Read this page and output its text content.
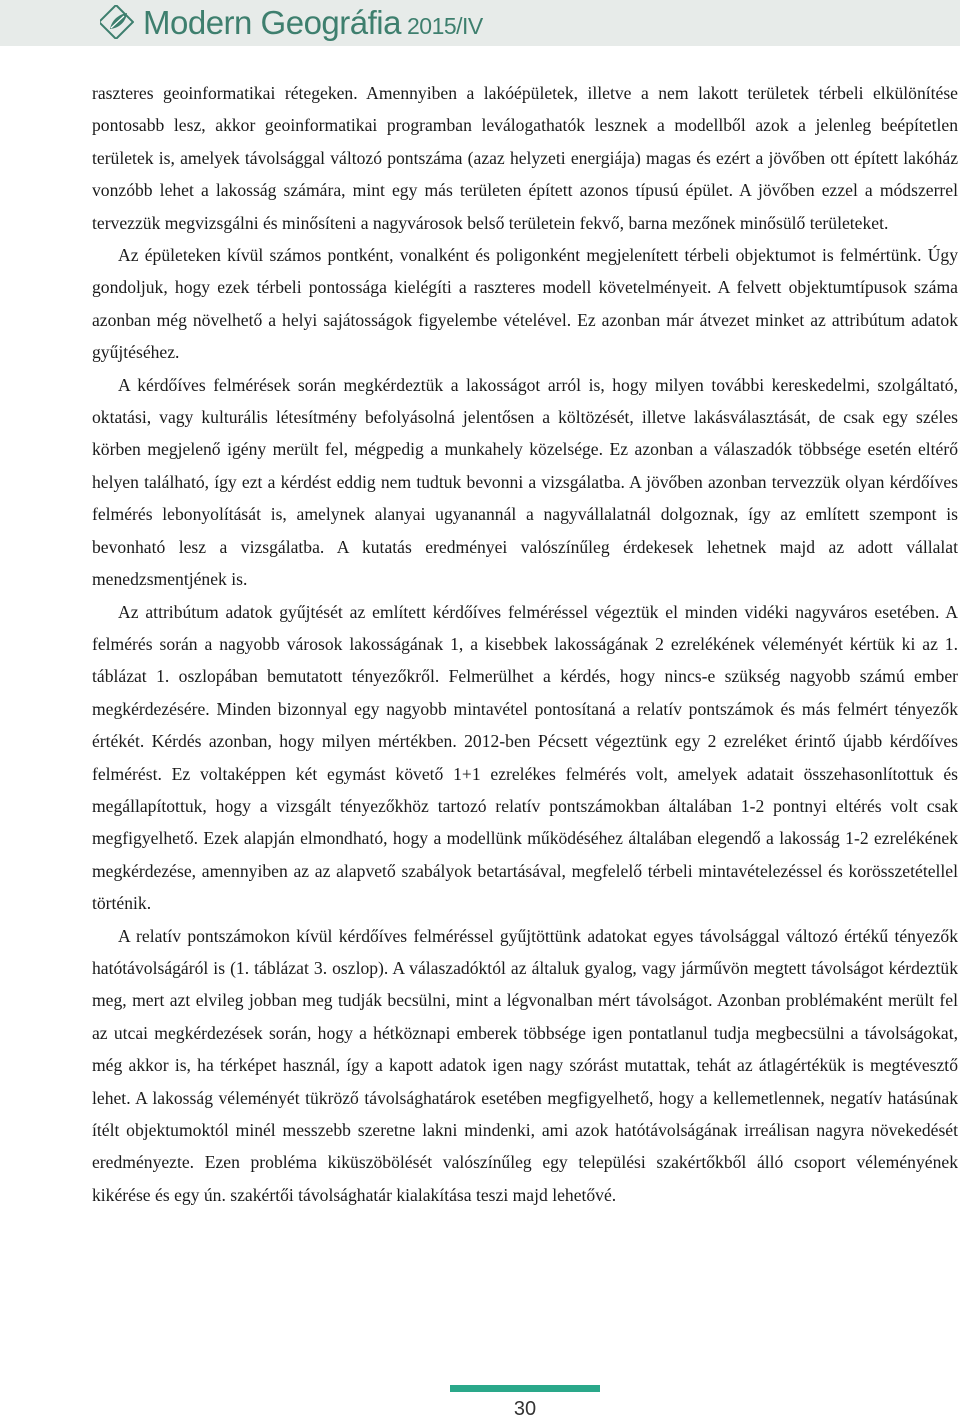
Modern Geográfia 2015/IV

raszteres geoinformatikai rétegeken. Amennyiben a lakóépületek, illetve a nem lakott területek térbeli elkülönítése pontosabb lesz, akkor geoinformatikai programban leválogathatók lesznek a modellből azok a jelenleg beépítetlen területek is, amelyek távolsággal változó pontszáma (azaz helyzeti energiája) magas és ezért a jövőben ott épített lakóház vonzóbb lehet a lakosság számára, mint egy más területen épített azonos típusú épület. A jövőben ezzel a módszerrel tervezzük megvizsgálni és minősíteni a nagyvárosok belső területein fekvő, barna mezőnek minősülő területeket.

Az épületeken kívül számos pontként, vonalként és poligonként megjelenített térbeli objektumot is felmértünk. Úgy gondoljuk, hogy ezek térbeli pontossága kielégíti a raszteres modell követelményeit. A felvett objektumtípusok száma azonban még növelhető a helyi sajátosságok figyelembe vételével. Ez azonban már átvezet minket az attribútum adatok gyűjtéséhez.

A kérdőíves felmérések során megkérdeztük a lakosságot arról is, hogy milyen további kereskedelmi, szolgáltató, oktatási, vagy kulturális létesítmény befolyásolná jelentősen a költözését, illetve lakásválasztását, de csak egy széles körben megjelenő igény merült fel, mégpedig a munkahely közelsége. Ez azonban a válaszadók többsége esetén eltérő helyen található, így ezt a kérdést eddig nem tudtuk bevonni a vizsgálatba. A jövőben azonban tervezzük olyan kérdőíves felmérés lebonyolítását is, amelynek alanyai ugyanannál a nagyvállalatnál dolgoznak, így az említett szempont is bevonható lesz a vizsgálatba. A kutatás eredményei valószínűleg érdekesek lehetnek majd az adott vállalat menedzsmentjének is.

Az attribútum adatok gyűjtését az említett kérdőíves felméréssel végeztük el minden vidéki nagyváros esetében. A felmérés során a nagyobb városok lakosságának 1, a kisebbek lakosságának 2 ezrelékének véleményét kértük ki az 1. táblázat 1. oszlopában bemutatott tényezőkről. Felmerülhet a kérdés, hogy nincs-e szükség nagyobb számú ember megkérdezésére. Minden bizonnyal egy nagyobb mintavétel pontosítaná a relatív pontszámok és más felmért tényezők értékét. Kérdés azonban, hogy milyen mértékben. 2012-ben Pécsett végeztünk egy 2 ezreléket érintő újabb kérdőíves felmérést. Ez voltaképpen két egymást követő 1+1 ezrelékes felmérés volt, amelyek adatait összehasonlítottuk és megállapítottuk, hogy a vizsgált tényezőkhöz tartozó relatív pontszámokban általában 1-2 pontnyi eltérés volt csak megfigyelhető. Ezek alapján elmondható, hogy a modellünk működéséhez általában elegendő a lakosság 1-2 ezrelékének megkérdezése, amennyiben az az alapvető szabályok betartásával, megfelelő térbeli mintavételezéssel és korösszetétellel történik.

A relatív pontszámokon kívül kérdőíves felméréssel gyűjtöttünk adatokat egyes távolsággal változó értékű tényezők hatótávolságáról is (1. táblázat 3. oszlop). A válaszadóktól az általuk gyalog, vagy járművön megtett távolságot kérdeztük meg, mert azt elvileg jobban meg tudják becsülni, mint a légvonalban mért távolságot. Azonban problémaként merült fel az utcai megkérdezések során, hogy a hétköznapi emberek többsége igen pontatlanul tudja megbecsülni a távolságokat, még akkor is, ha térképet használ, így a kapott adatok igen nagy szórást mutattak, tehát az átlagértékük is megtévesztő lehet. A lakosság véleményét tükröző távolsághatárok esetében megfigyelhető, hogy a kellemetlennek, negatív hatásúnak ítélt objektumoktól minél messzebb szeretne lakni mindenki, ami azok hatótávolságának irreálisan nagyra növekedését eredményezte. Ezen probléma kiküszöbölését valószínűleg egy települési szakértőkből álló csoport véleményének kikérése és egy ún. szakértői távolsághatár kialakítása teszi majd lehetővé.

30
